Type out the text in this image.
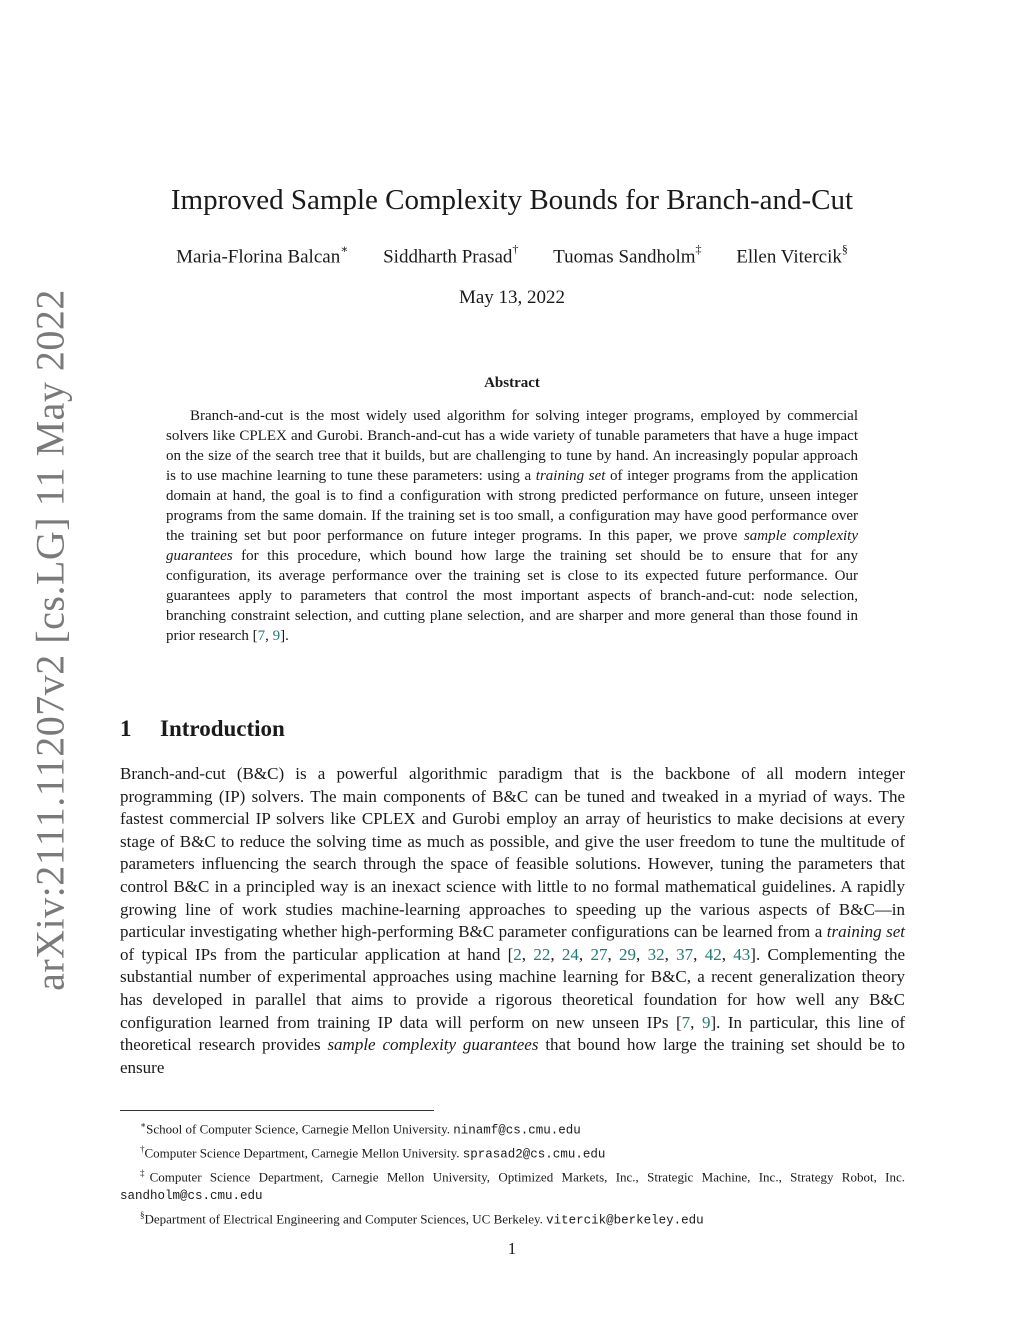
arXiv:2111.11207v2 [cs.LG] 11 May 2022
Improved Sample Complexity Bounds for Branch-and-Cut
Maria-Florina Balcan∗ Siddharth Prasad† Tuomas Sandholm‡ Ellen Vitercik§
May 13, 2022
Abstract

Branch-and-cut is the most widely used algorithm for solving integer programs, employed by commercial solvers like CPLEX and Gurobi. Branch-and-cut has a wide variety of tunable parameters that have a huge impact on the size of the search tree that it builds, but are challenging to tune by hand. An increasingly popular approach is to use machine learning to tune these parameters: using a training set of integer programs from the application domain at hand, the goal is to find a configuration with strong predicted performance on future, unseen integer programs from the same domain. If the training set is too small, a configuration may have good performance over the training set but poor performance on future integer programs. In this paper, we prove sample complexity guarantees for this procedure, which bound how large the training set should be to ensure that for any configuration, its average performance over the training set is close to its expected future performance. Our guarantees apply to parameters that control the most important aspects of branch-and-cut: node selection, branching constraint selection, and cutting plane selection, and are sharper and more general than those found in prior research [7, 9].

1 Introduction

Branch-and-cut (B&C) is a powerful algorithmic paradigm that is the backbone of all modern integer programming (IP) solvers. The main components of B&C can be tuned and tweaked in a myriad of ways. The fastest commercial IP solvers like CPLEX and Gurobi employ an array of heuristics to make decisions at every stage of B&C to reduce the solving time as much as possible, and give the user freedom to tune the multitude of parameters influencing the search through the space of feasible solutions. However, tuning the parameters that control B&C in a principled way is an inexact science with little to no formal mathematical guidelines. A rapidly growing line of work studies machine-learning approaches to speeding up the various aspects of B&C—in particular investigating whether high-performing B&C parameter configurations can be learned from a training set of typical IPs from the particular application at hand [2, 22, 24, 27, 29, 32, 37, 42, 43]. Complementing the substantial number of experimental approaches using machine learning for B&C, a recent generalization theory has developed in parallel that aims to provide a rigorous theoretical foundation for how well any B&C configuration learned from training IP data will perform on new unseen IPs [7, 9]. In particular, this line of theoretical research provides sample complexity guarantees that bound how large the training set should be to ensure

∗School of Computer Science, Carnegie Mellon University. ninamf@cs.cmu.edu
†Computer Science Department, Carnegie Mellon University. sprasad2@cs.cmu.edu
‡Computer Science Department, Carnegie Mellon University, Optimized Markets, Inc., Strategic Machine, Inc., Strategy Robot, Inc. sandholm@cs.cmu.edu
§Department of Electrical Engineering and Computer Sciences, UC Berkeley. vitercik@berkeley.edu
1
